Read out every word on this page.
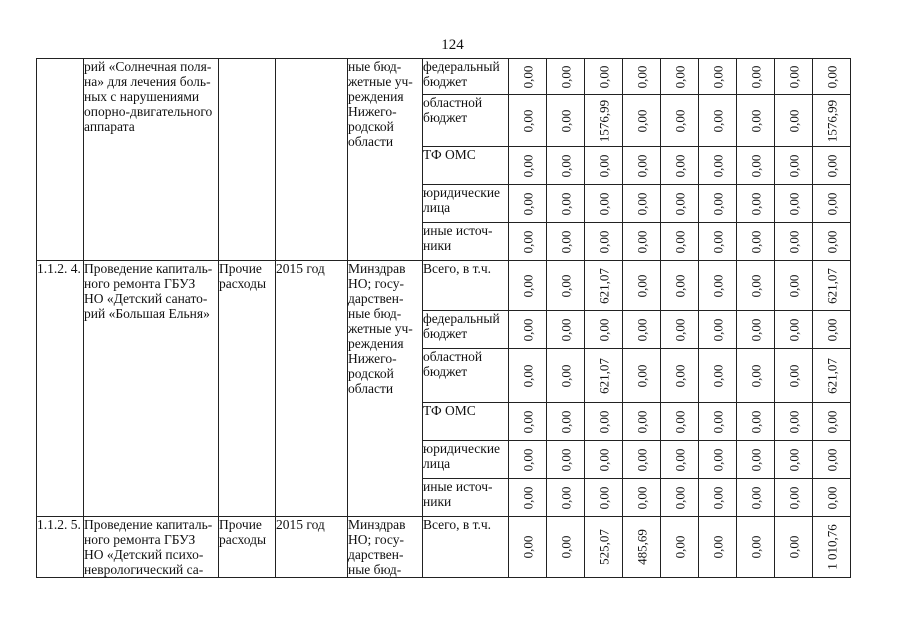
124
	рий «Солнечная поля-на» для лечения боль-ных с нарушениями опорно-двигательного аппарата			ные бюд-жетные уч-реждения Нижего-родской области	федеральный бюджет	0,00	0,00	0,00	0,00	0,00	0,00	0,00	0,00	0,00

					областной бюджет	0,00	0,00	1576,99	0,00	0,00	0,00	0,00	0,00	1576,99

					ТФ ОМС	0,00	0,00	0,00	0,00	0,00	0,00	0,00	0,00	0,00

					юридические лица	0,00	0,00	0,00	0,00	0,00	0,00	0,00	0,00	0,00

					иные источ-ники	0,00	0,00	0,00	0,00	0,00	0,00	0,00	0,00	0,00

1.1.2. 4.	Проведение капиталь-ного ремонта ГБУЗ НО «Детский санато-рий «Большая Ельня»	Прочие расходы	2015 год	Минздрав НО; госу-дарствен-ные бюд-жетные уч-реждения Нижего-родской области	Всего, в т.ч.	0,00	0,00	621,07	0,00	0,00	0,00	0,00	0,00	621,07

					федеральный бюджет	0,00	0,00	0,00	0,00	0,00	0,00	0,00	0,00	0,00

					областной бюджет	0,00	0,00	621,07	0,00	0,00	0,00	0,00	0,00	621,07

					ТФ ОМС	0,00	0,00	0,00	0,00	0,00	0,00	0,00	0,00	0,00

					юридические лица	0,00	0,00	0,00	0,00	0,00	0,00	0,00	0,00	0,00

					иные источ-ники	0,00	0,00	0,00	0,00	0,00	0,00	0,00	0,00	0,00

1.1.2. 5.	Проведение капиталь-ного ремонта ГБУЗ НО «Детский психо-неврологический са-	Прочие расходы	2015 год	Минздрав НО; госу-дарствен-ные бюд-	Всего, в т.ч.	0,00	0,00	525,07	485,69	0,00	0,00	0,00	0,00	1 010,76
